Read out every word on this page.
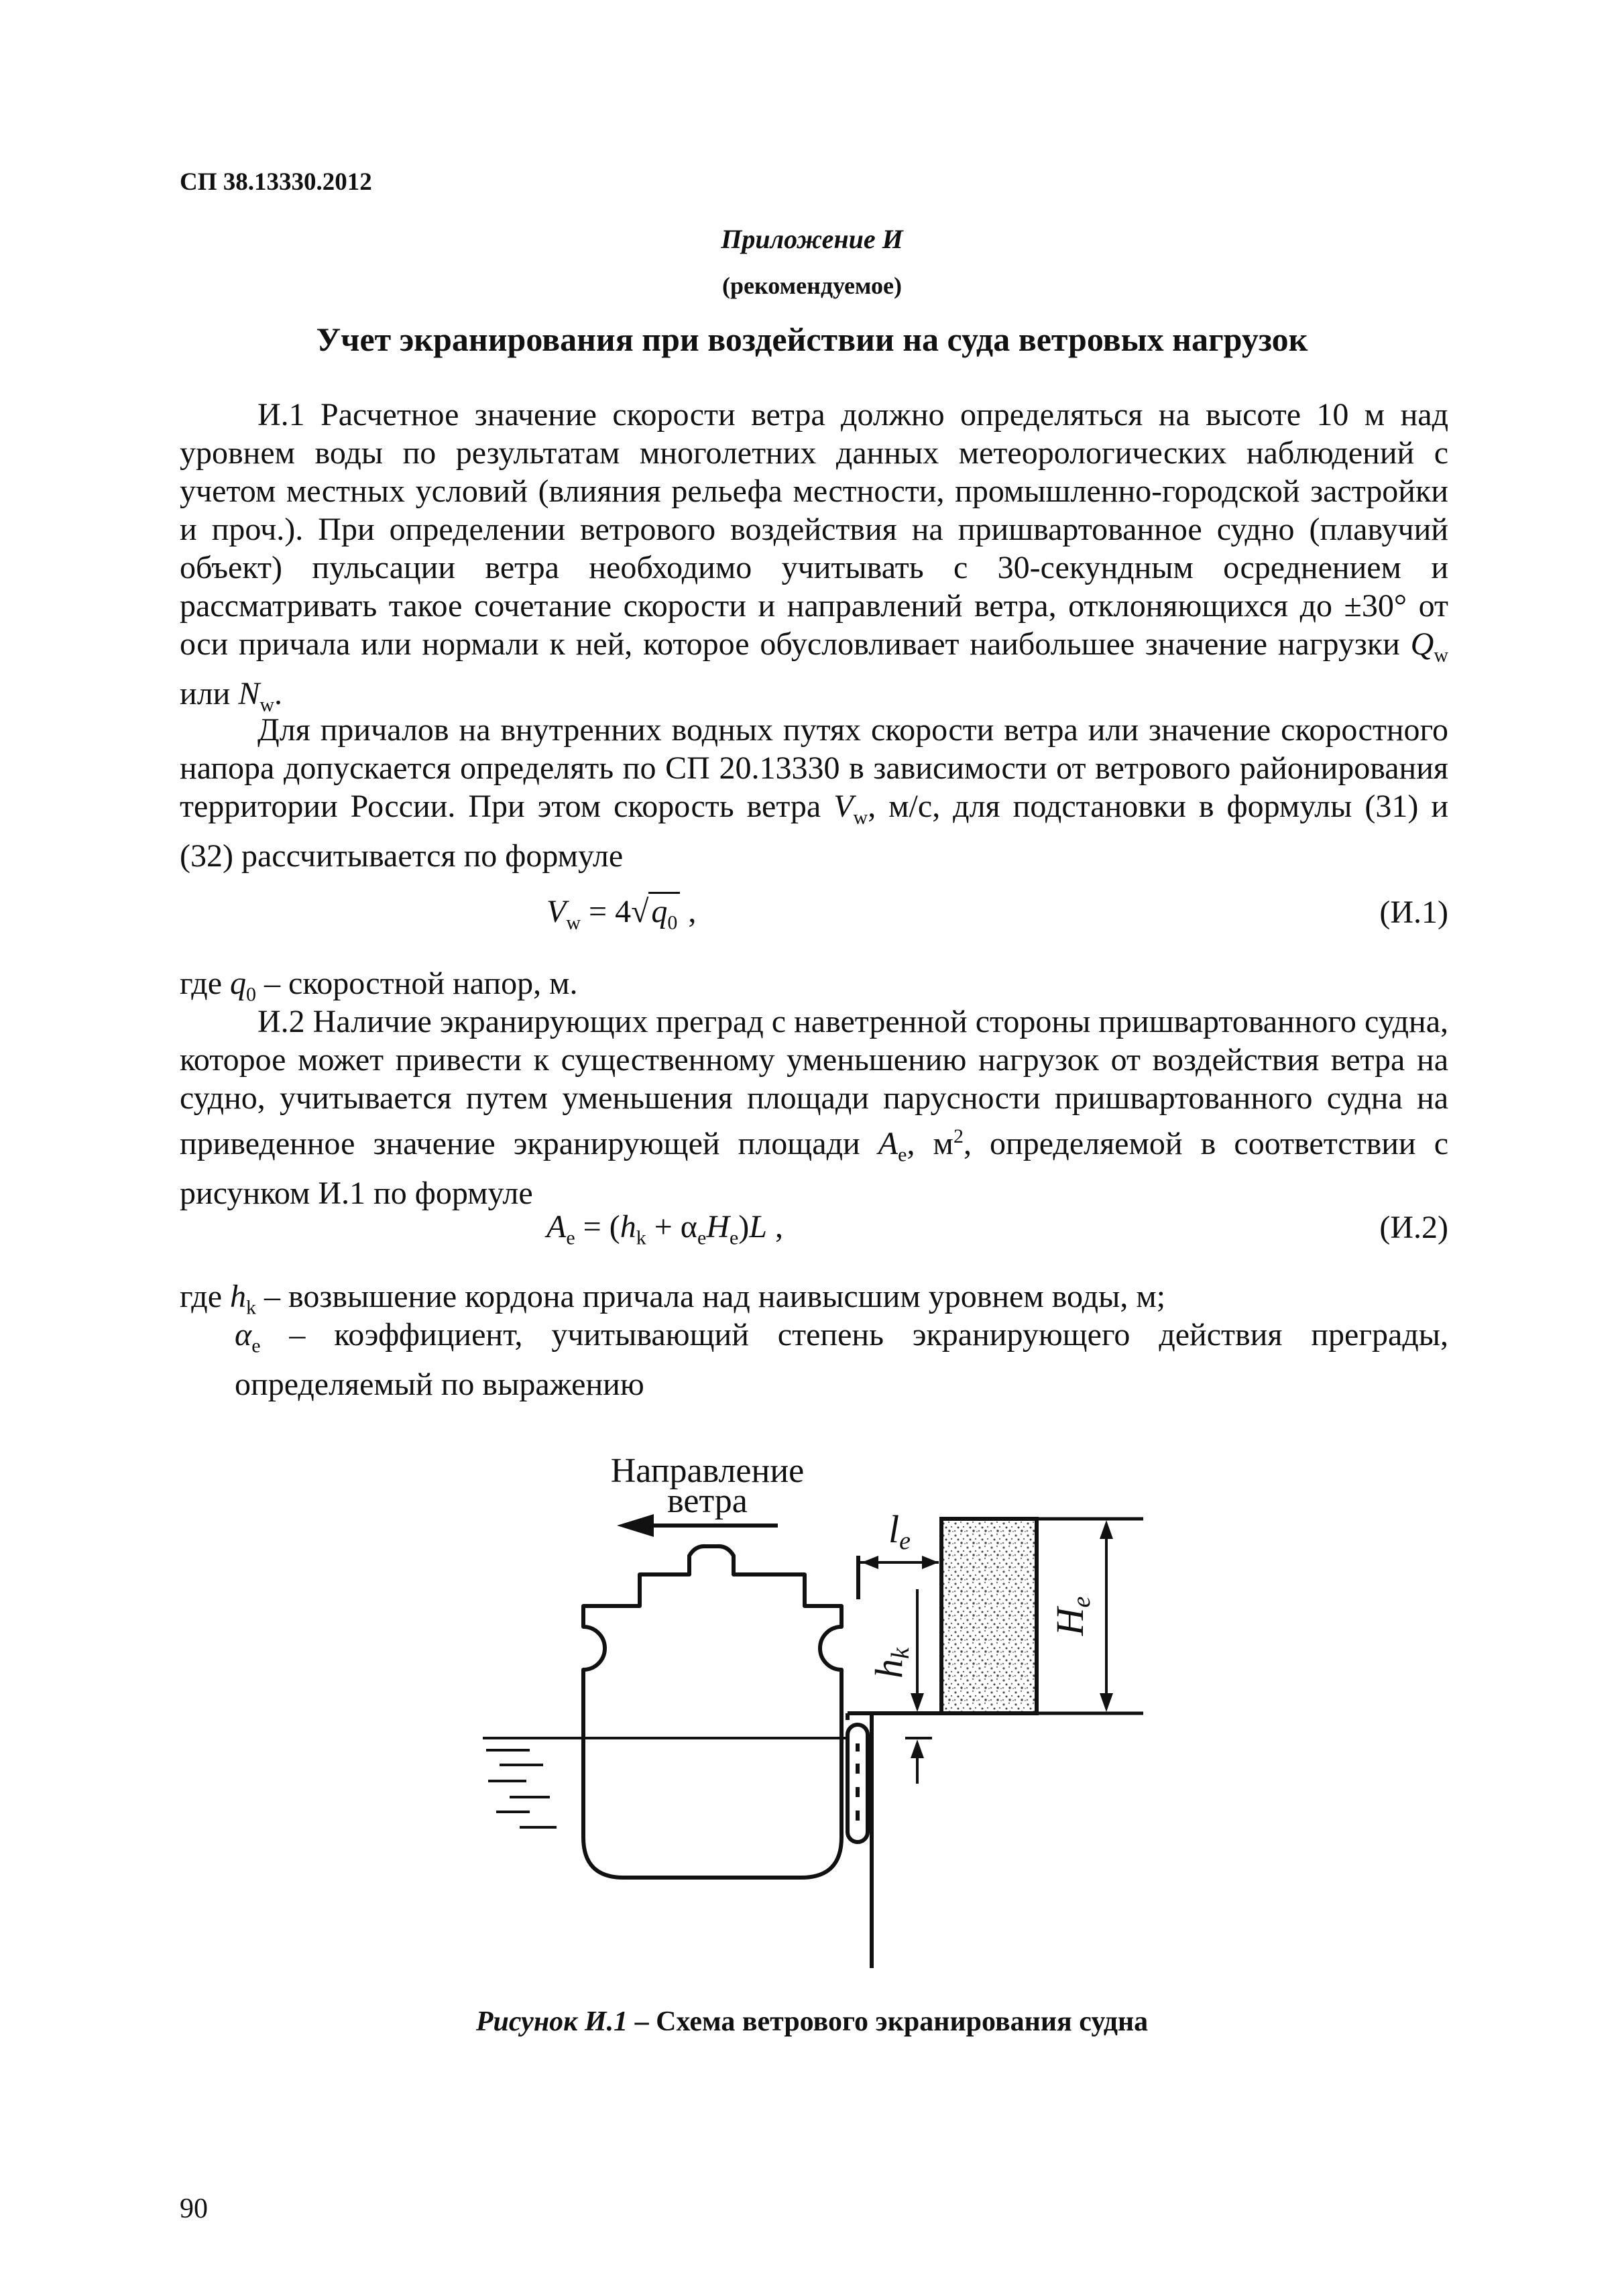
СП 38.13330.2012
Приложение И
(рекомендуемое)
Учет экранирования при воздействии на суда ветровых нагрузок
И.1 Расчетное значение скорости ветра должно определяться на высоте 10 м над уровнем воды по результатам многолетних данных метеорологических наблюдений с учетом местных условий (влияния рельефа местности, промышленно-городской застройки и проч.). При определении ветрового воздействия на пришвартованное судно (плавучий объект) пульсации ветра необходимо учитывать с 30-секундным осреднением и рассматривать такое сочетание скорости и направлений ветра, отклоняющихся до ±30° от оси причала или нормали к ней, которое обусловливает наибольшее значение нагрузки $Q_w$ или $N_w$.
Для причалов на внутренних водных путях скорости ветра или значение скоростного напора допускается определять по СП 20.13330 в зависимости от ветрового районирования территории России. При этом скорость ветра $V_w$, м/с, для подстановки в формулы (31) и (32) рассчитывается по формуле
$V_w = 4√q_0$ ,	(И.1)
где $q_0$ – скоростной напор, м.
И.2 Наличие экранирующих преград с наветренной стороны пришвартованного судна, которое может привести к существенному уменьшению нагрузок от воздействия ветра на судно, учитывается путем уменьшения площади парусности пришвартованного судна на приведенное значение экранирующей площади $A_e$, $м^2$, определяемой в соответствии с рисунком И.1 по формуле
$A_e = (h_k + \alpha_eH_e)L$ ,	(И.2)
где $h_k$ – возвышение кордона причала над наивысшим уровнем воды, м;
$\alpha_e$ – коэффициент, учитывающий степень экранирующего действия преграды, определяемый по выражению
Направление
ветра
He
le
hk
Рисунок И.1 – Схема ветрового экранирования судна
90
